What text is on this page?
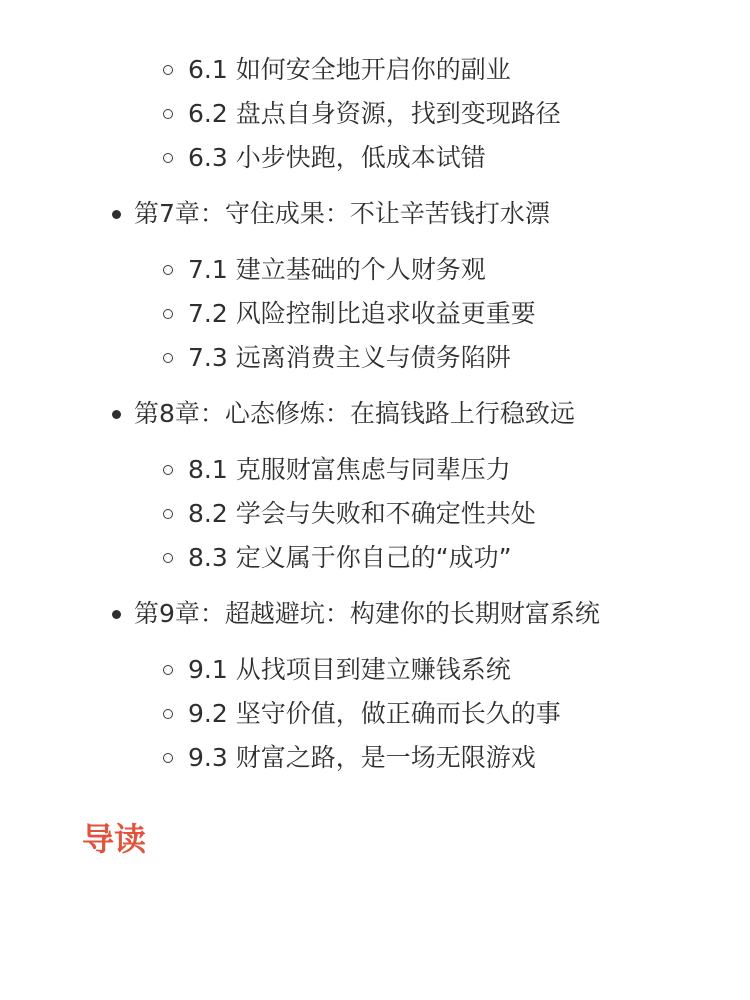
6.1 如何安全地开启你的副业
6.2 盘点自身资源，找到变现路径
6.3 小步快跑，低成本试错
第7章：守住成果：不让辛苦钱打水漂
7.1 建立基础的个人财务观
7.2 风险控制比追求收益更重要
7.3 远离消费主义与债务陷阱
第8章：心态修炼：在搞钱路上行稳致远
8.1 克服财富焦虑与同辈压力
8.2 学会与失败和不确定性共处
8.3 定义属于你自己的“成功”
第9章：超越避坑：构建你的长期财富系统
9.1 从找项目到建立赚钱系统
9.2 坚守价值，做正确而长久的事
9.3 财富之路，是一场无限游戏
导读
